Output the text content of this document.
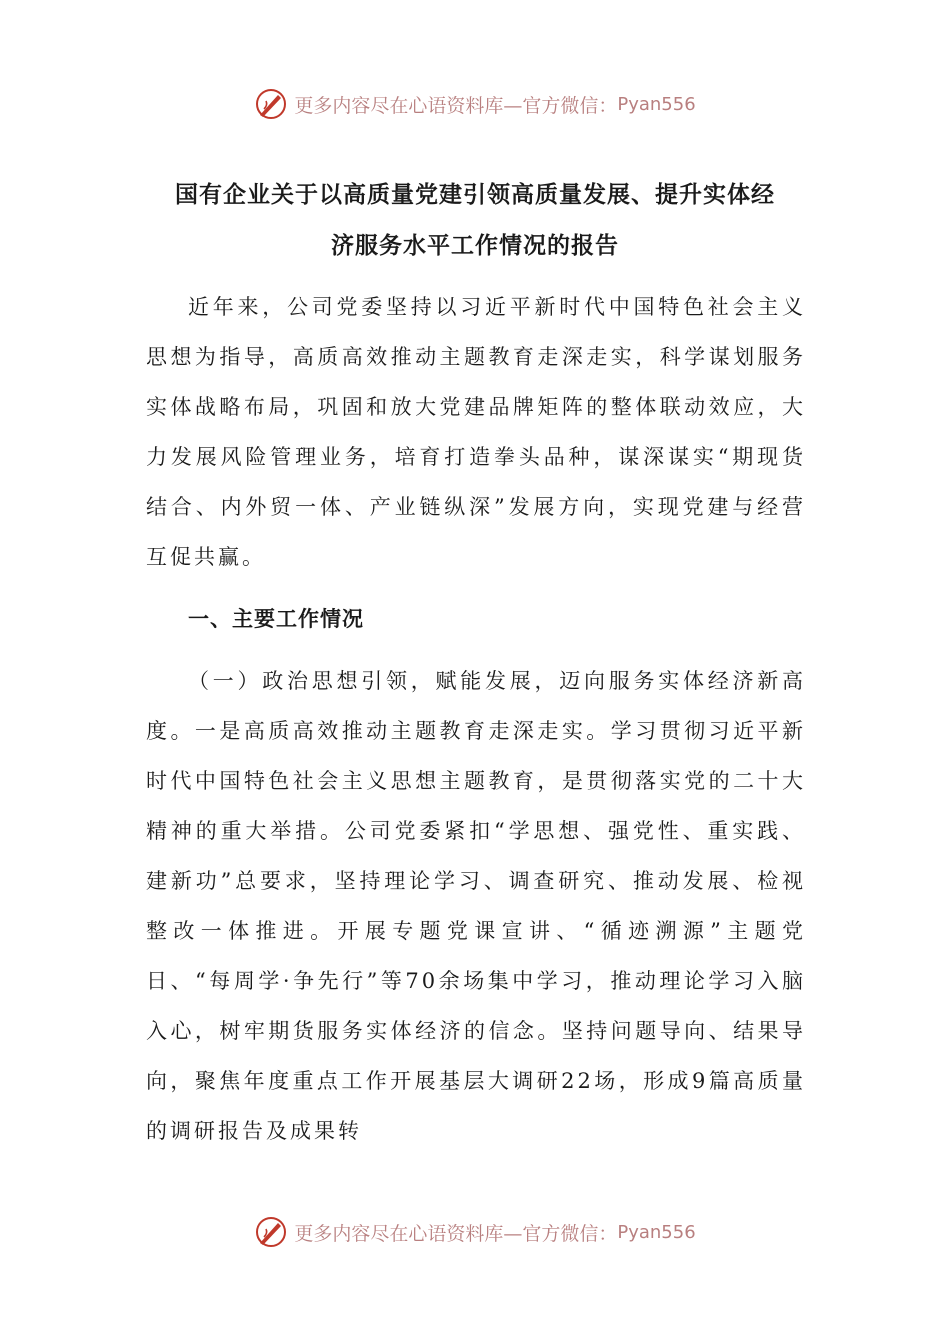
更多内容尽在心语资料库—官方微信： Pyan556
国有企业关于以高质量党建引领高质量发展、提升实体经
济服务水平工作情况的报告
近年来，公司党委坚持以习近平新时代中国特色社会主义思想为指导，高质高效推动主题教育走深走实，科学谋划服务实体战略布局，巩固和放大党建品牌矩阵的整体联动效应，大力发展风险管理业务，培育打造拳头品种，谋深谋实“期现货结合、内外贸一体、产业链纵深”发展方向，实现党建与经营互促共赢。
一、主要工作情况
（一）政治思想引领，赋能发展，迈向服务实体经济新高度。一是高质高效推动主题教育走深走实。学习贯彻习近平新时代中国特色社会主义思想主题教育，是贯彻落实党的二十大精神的重大举措。公司党委紧扣“学思想、强党性、重实践、建新功”总要求，坚持理论学习、调查研究、推动发展、检视整改一体推进。开展专题党课宣讲、“循迹溯源”主题党日、“每周学·争先行”等70余场集中学习，推动理论学习入脑入心，树牢期货服务实体经济的信念。坚持问题导向、结果导向，聚焦年度重点工作开展基层大调研22场，形成9篇高质量的调研报告及成果转
更多内容尽在心语资料库—官方微信： Pyan556
